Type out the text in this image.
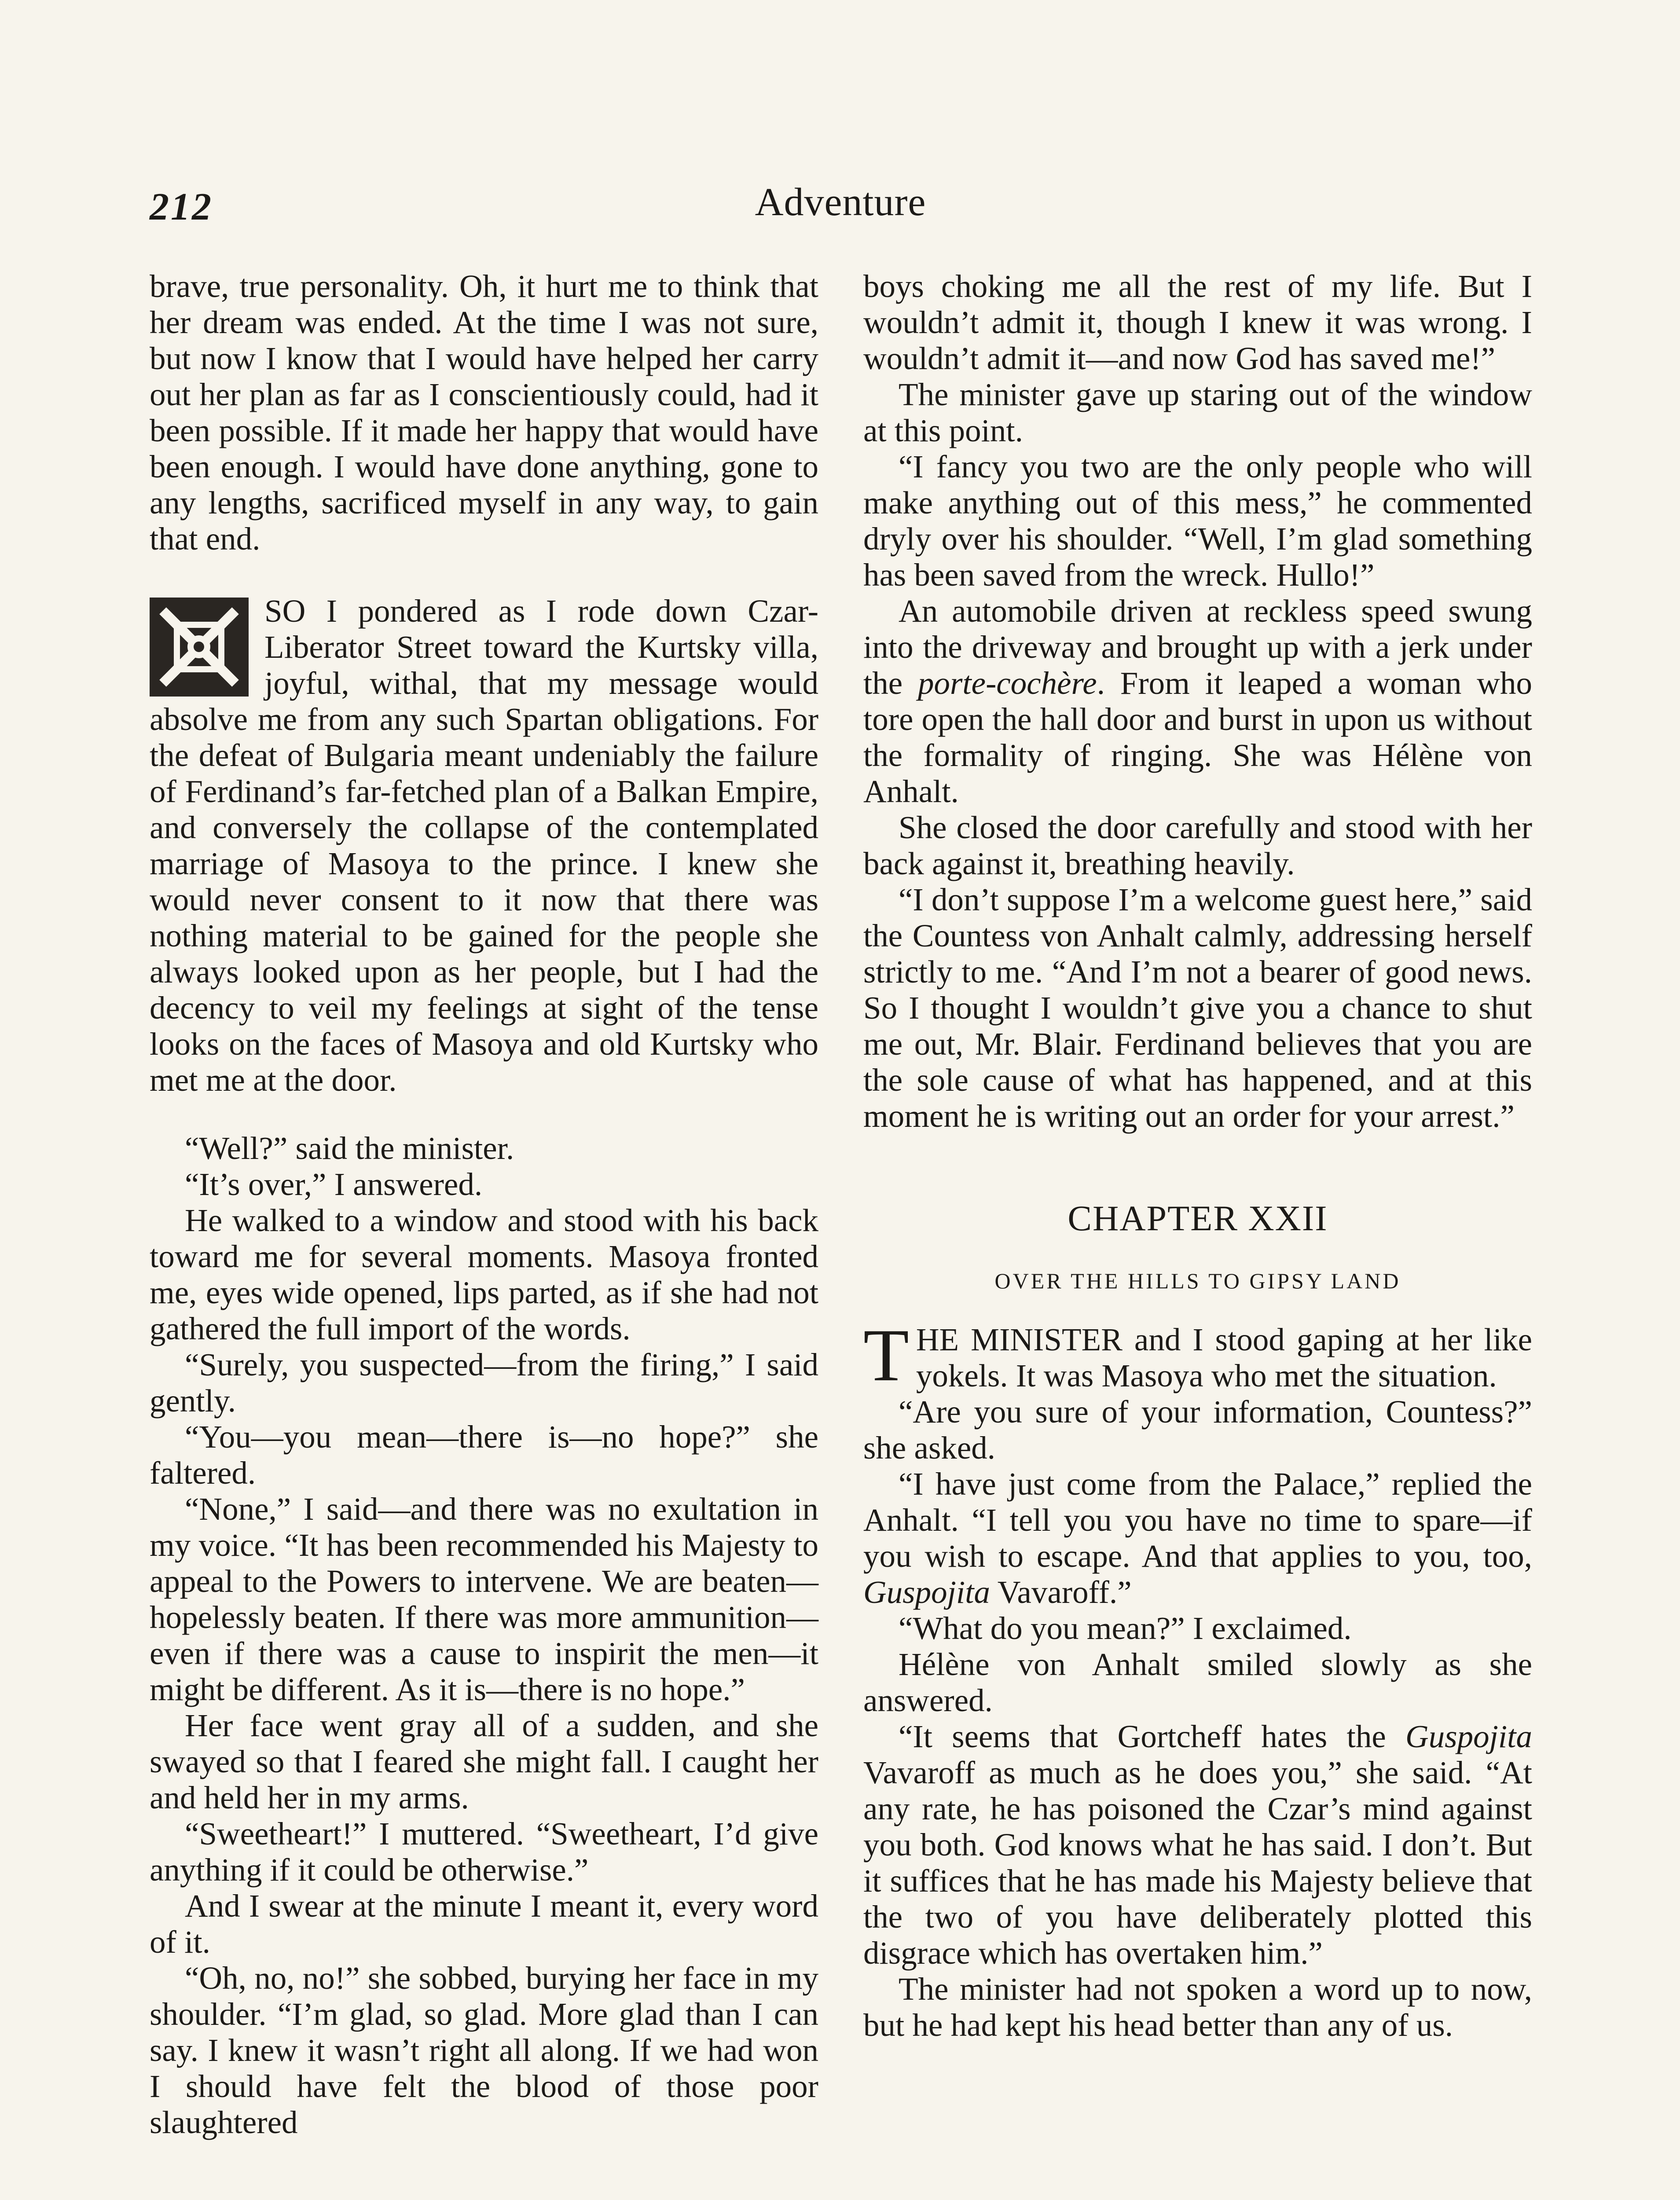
212	Adventure

brave, true personality. Oh, it hurt me to think that her dream was ended. At the time I was not sure, but now I know that I would have helped her carry out her plan as far as I conscientiously could, had it been possible. If it made her happy that would have been enough. I would have done anything, gone to any lengths, sacrificed myself in any way, to gain that end.

SO I pondered as I rode down Czar-Liberator Street toward the Kurtsky villa, joyful, withal, that my message would absolve me from any such Spartan obligations. For the defeat of Bulgaria meant undeniably the failure of Ferdinand’s far-fetched plan of a Balkan Empire, and conversely the collapse of the contemplated marriage of Masoya to the prince. I knew she would never consent to it now that there was nothing material to be gained for the people she always looked upon as her people, but I had the decency to veil my feelings at sight of the tense looks on the faces of Masoya and old Kurtsky who met me at the door.

“Well?” said the minister.

“It’s over,” I answered.

He walked to a window and stood with his back toward me for several moments. Masoya fronted me, eyes wide opened, lips parted, as if she had not gathered the full import of the words.

“Surely, you suspected—from the firing,” I said gently.

“You—you mean—there is—no hope?” she faltered.

“None,” I said—and there was no exultation in my voice. “It has been recommended his Majesty to appeal to the Powers to intervene. We are beaten—hopelessly beaten. If there was more ammunition—even if there was a cause to inspirit the men—it might be different. As it is—there is no hope.”

Her face went gray all of a sudden, and she swayed so that I feared she might fall. I caught her and held her in my arms.

“Sweetheart!” I muttered. “Sweetheart, I’d give anything if it could be otherwise.”

And I swear at the minute I meant it, every word of it.

“Oh, no, no!” she sobbed, burying her face in my shoulder. “I’m glad, so glad. More glad than I can say. I knew it wasn’t right all along. If we had won I should have felt the blood of those poor slaughtered

boys choking me all the rest of my life. But I wouldn’t admit it, though I knew it was wrong. I wouldn’t admit it—and now God has saved me!”

The minister gave up staring out of the window at this point.

“I fancy you two are the only people who will make anything out of this mess,” he commented dryly over his shoulder. “Well, I’m glad something has been saved from the wreck. Hullo!”

An automobile driven at reckless speed swung into the driveway and brought up with a jerk under the porte-cochère. From it leaped a woman who tore open the hall door and burst in upon us without the formality of ringing. She was Hélène von Anhalt.

She closed the door carefully and stood with her back against it, breathing heavily.

“I don’t suppose I’m a welcome guest here,” said the Countess von Anhalt calmly, addressing herself strictly to me. “And I’m not a bearer of good news. So I thought I wouldn’t give you a chance to shut me out, Mr. Blair. Ferdinand believes that you are the sole cause of what has happened, and at this moment he is writing out an order for your arrest.”

CHAPTER XXII
OVER THE HILLS TO GIPSY LAND

THE MINISTER and I stood gaping at her like yokels. It was Masoya who met the situation.

“Are you sure of your information, Countess?” she asked.

“I have just come from the Palace,” replied the Anhalt. “I tell you you have no time to spare—if you wish to escape. And that applies to you, too, Guspojita Vavaroff.”

“What do you mean?” I exclaimed.

Hélène von Anhalt smiled slowly as she answered.

“It seems that Gortcheff hates the Guspojita Vavaroff as much as he does you,” she said. “At any rate, he has poisoned the Czar’s mind against you both. God knows what he has said. I don’t. But it suffices that he has made his Majesty believe that the two of you have deliberately plotted this disgrace which has overtaken him.”

The minister had not spoken a word up to now, but he had kept his head better than any of us.
